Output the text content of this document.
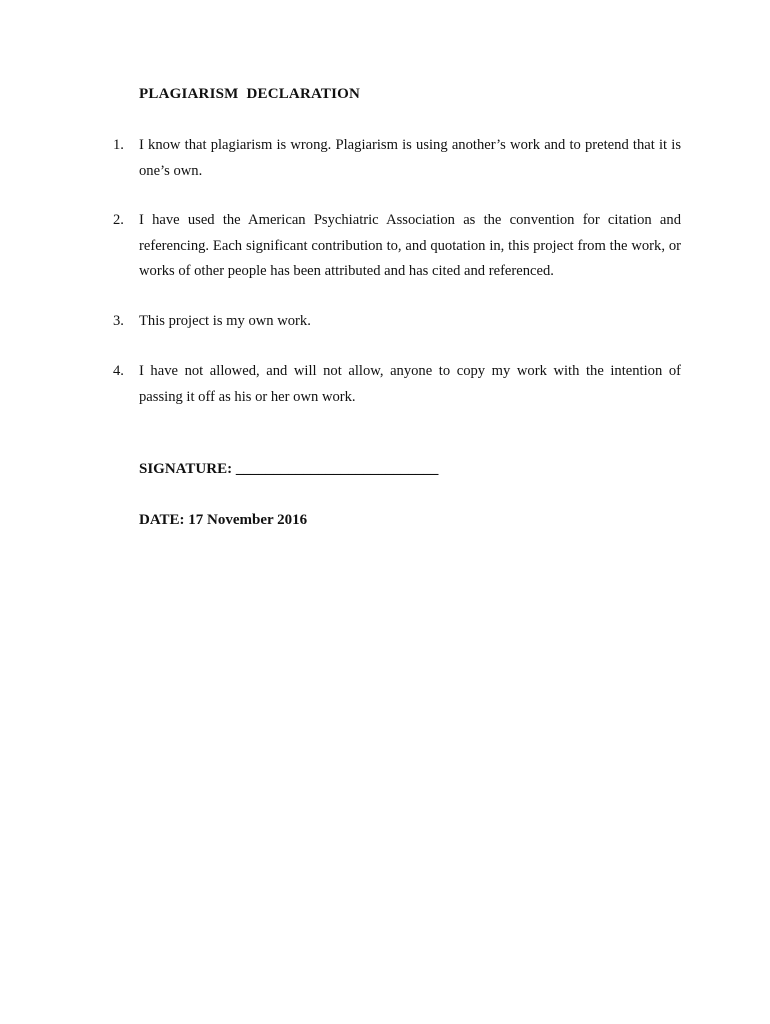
PLAGIARISM DECLARATION
1.	I know that plagiarism is wrong. Plagiarism is using another’s work and to pretend that it is one’s own.
2.	I have used the American Psychiatric Association as the convention for citation and referencing. Each significant contribution to, and quotation in, this project from the work, or works of other people has been attributed and has cited and referenced.
3.	This project is my own work.
4.	I have not allowed, and will not allow, anyone to copy my work with the intention of passing it off as his or her own work.
SIGNATURE: ___________________________
DATE: 17 November 2016
